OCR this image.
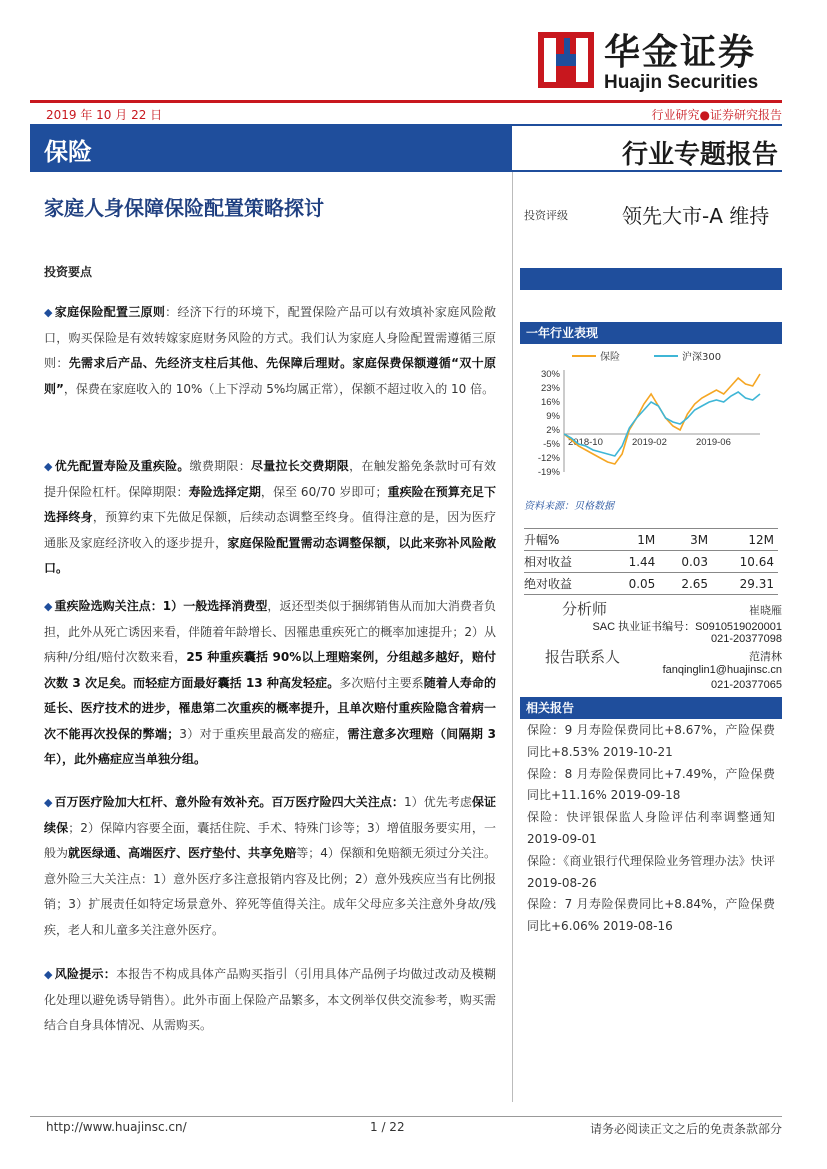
华金证券
Huajin Securities
2019 年 10 月 22 日	行业研究●证券研究报告
保险	行业专题报告
家庭人身保障保险配置策略探讨
投资要点
◆ 家庭保险配置三原则：经济下行的环境下，配置保险产品可以有效填补家庭风险敞口，购买保险是有效转嫁家庭财务风险的方式。我们认为家庭人身险配置需遵循三原则：先需求后产品、先经济支柱后其他、先保障后理财。家庭保费保额遵循“双十原则”，保费在家庭收入的 10%（上下浮动 5%均属正常），保额不超过收入的 10 倍。
◆ 优先配置寿险及重疾险。缴费期限：尽量拉长交费期限，在触发豁免条款时可有效提升保险杠杆。保障期限：寿险选择定期，保至 60/70 岁即可；重疾险在预算充足下选择终身，预算约束下先做足保额，后续动态调整至终身。值得注意的是，因为医疗通胀及家庭经济收入的逐步提升，家庭保险配置需动态调整保额，以此来弥补风险敞口。
◆ 重疾险选购关注点：1）一般选择消费型，返还型类似于捆绑销售从而加大消费者负担，此外从死亡诱因来看，伴随着年龄增长、因罹患重疾死亡的概率加速提升；2）从病种/分组/赔付次数来看，25 种重疾囊括 90%以上理赔案例，分组越多越好，赔付次数 3 次足矣。而轻症方面最好囊括 13 种高发轻症。多次赔付主要系随着人寿命的延长、医疗技术的进步，罹患第二次重疾的概率提升，且单次赔付重疾险隐含着病一次不能再次投保的弊端；3）对于重疾里最高发的癌症，需注意多次理赔（间隔期 3 年），此外癌症应当单独分组。
◆ 百万医疗险加大杠杆、意外险有效补充。百万医疗险四大关注点：1）优先考虑保证续保；2）保障内容要全面，囊括住院、手术、特殊门诊等；3）增值服务要实用，一般为就医绿通、高端医疗、医疗垫付、共享免赔等；4）保额和免赔额无须过分关注。意外险三大关注点：1）意外医疗多注意报销内容及比例；2）意外残疾应当有比例报销；3）扩展责任如特定场景意外、猝死等值得关注。成年父母应多关注意外身故/残疾，老人和儿童多关注意外医疗。
◆ 风险提示：本报告不构成具体产品购买指引（引用具体产品例子均做过改动及模糊化处理以避免诱导销售）。此外市面上保险产品繁多，本文例举仅供交流参考，购买需结合自身具体情况、从需购买。
投资评级	领先大市-A 维持
一年行业表现
保险	沪深300
30%
23%
16%
9%
2%
-5%
-12%
-19%
2018-10	2019-02	2019-06
资料来源：贝格数据
升幅%	1M	3M	12M
相对收益	1.44	0.03	10.64
绝对收益	0.05	2.65	29.31
分析师	崔晓雁
SAC 执业证书编号：S0910519020001
021-20377098
报告联系人	范清林
fanqinglin1@huajinsc.cn
021-20377065
相关报告

保险：9 月寿险保费同比+8.67%，产险保费同比+8.53% 2019-10-21

保险：8 月寿险保费同比+7.49%，产险保费同比+11.16% 2019-09-18

保险：快评银保监人身险评估利率调整通知 2019-09-01

保险：《商业银行代理保险业务管理办法》快评 2019-08-26

保险：7 月寿险保费同比+8.84%，产险保费同比+6.06% 2019-08-16

http://www.huajinsc.cn/	1 / 22	请务必阅读正文之后的免责条款部分
